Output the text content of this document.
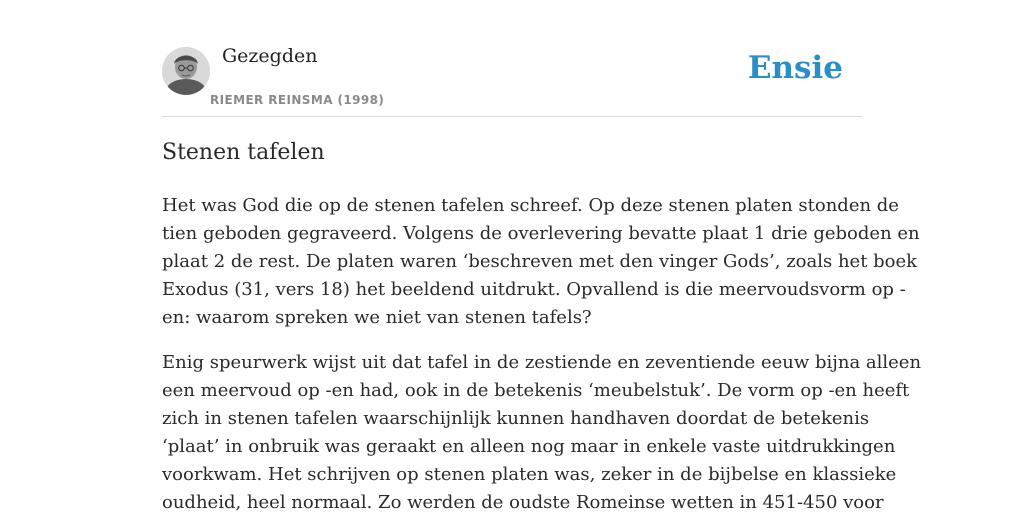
Gezegden
RIEMER REINSMA (1998)
Ensie
Stenen tafelen

Het was God die op de stenen tafelen schreef. Op deze stenen platen stonden de
tien geboden gegraveerd. Volgens de overlevering bevatte plaat 1 drie geboden en
plaat 2 de rest. De platen waren ‘beschreven met den vinger Gods’, zoals het boek
Exodus (31, vers 18) het beeldend uitdrukt. Opvallend is die meervoudsvorm op -
en: waarom spreken we niet van stenen tafels?

Enig speurwerk wijst uit dat tafel in de zestiende en zeventiende eeuw bijna alleen
een meervoud op -en had, ook in de betekenis ‘meubelstuk’. De vorm op -en heeft
zich in stenen tafelen waarschijnlijk kunnen handhaven doordat de betekenis
‘plaat’ in onbruik was geraakt en alleen nog maar in enkele vaste uitdrukkingen
voorkwam. Het schrijven op stenen platen was, zeker in de bijbelse en klassieke
oudheid, heel normaal. Zo werden de oudste Romeinse wetten in 451-450 voor
